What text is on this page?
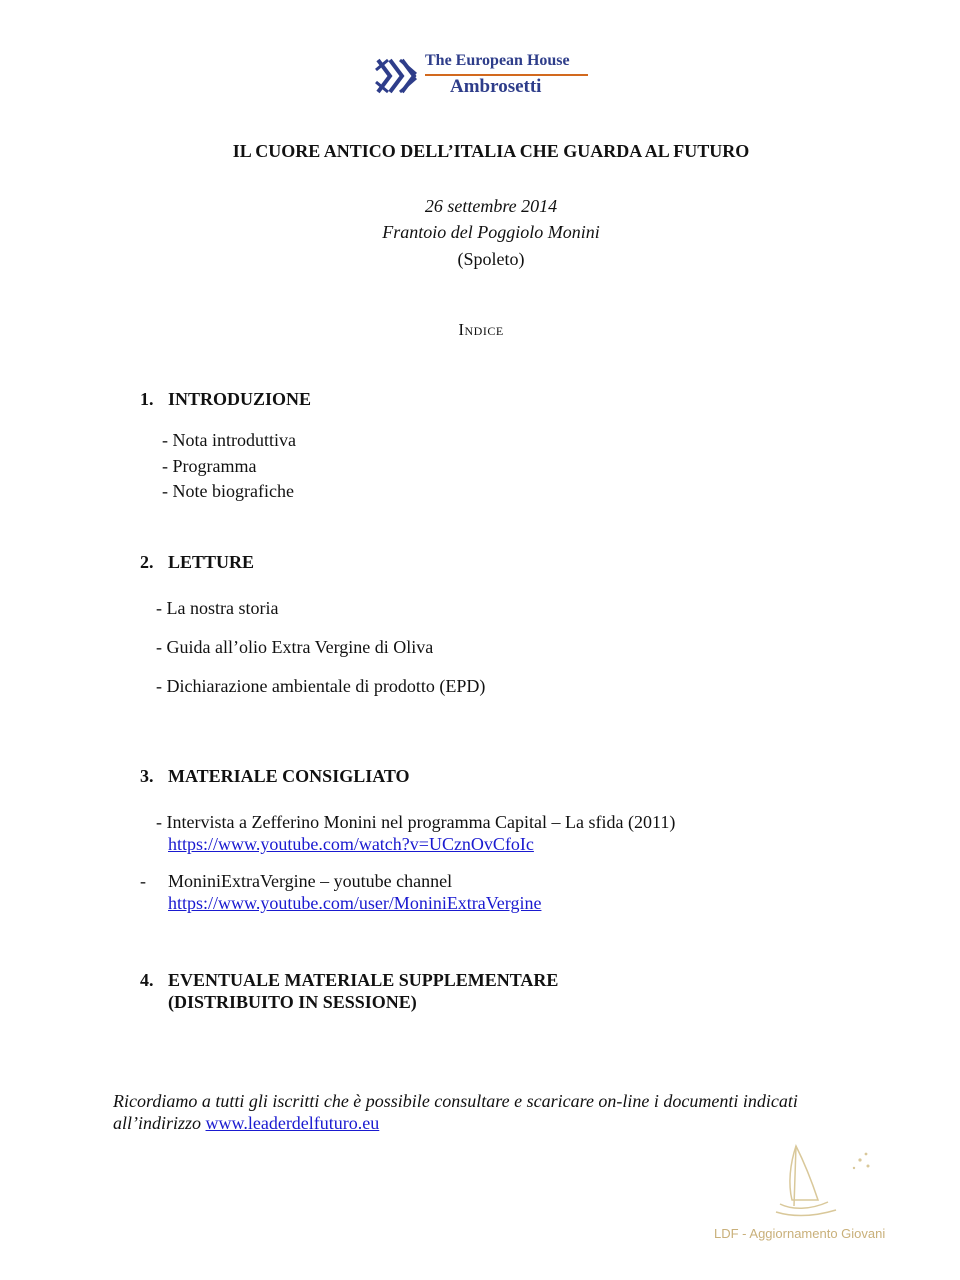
The European House
Ambrosetti
IL CUORE ANTICO DELL’ITALIA CHE GUARDA AL FUTURO
26 settembre 2014
Frantoio del Poggiolo Monini
(Spoleto)
Indice
1. INTRODUZIONE
- Nota introduttiva
- Programma
- Note biografiche
2. LETTURE
- La nostra storia
- Guida all’olio Extra Vergine di Oliva
- Dichiarazione ambientale di prodotto (EPD)
3. MATERIALE CONSIGLIATO
- Intervista a Zefferino Monini nel programma Capital – La sfida (2011)
https://www.youtube.com/watch?v=UCznOvCfoIc
- MoniniExtraVergine – youtube channel
https://www.youtube.com/user/MoniniExtraVergine
4. EVENTUALE MATERIALE SUPPLEMENTARE
(DISTRIBUITO IN SESSIONE)
Ricordiamo a tutti gli iscritti che è possibile consultare e scaricare on-line i documenti indicati all’indirizzo www.leaderdelfuturo.eu
LDF - Aggiornamento Giovani
